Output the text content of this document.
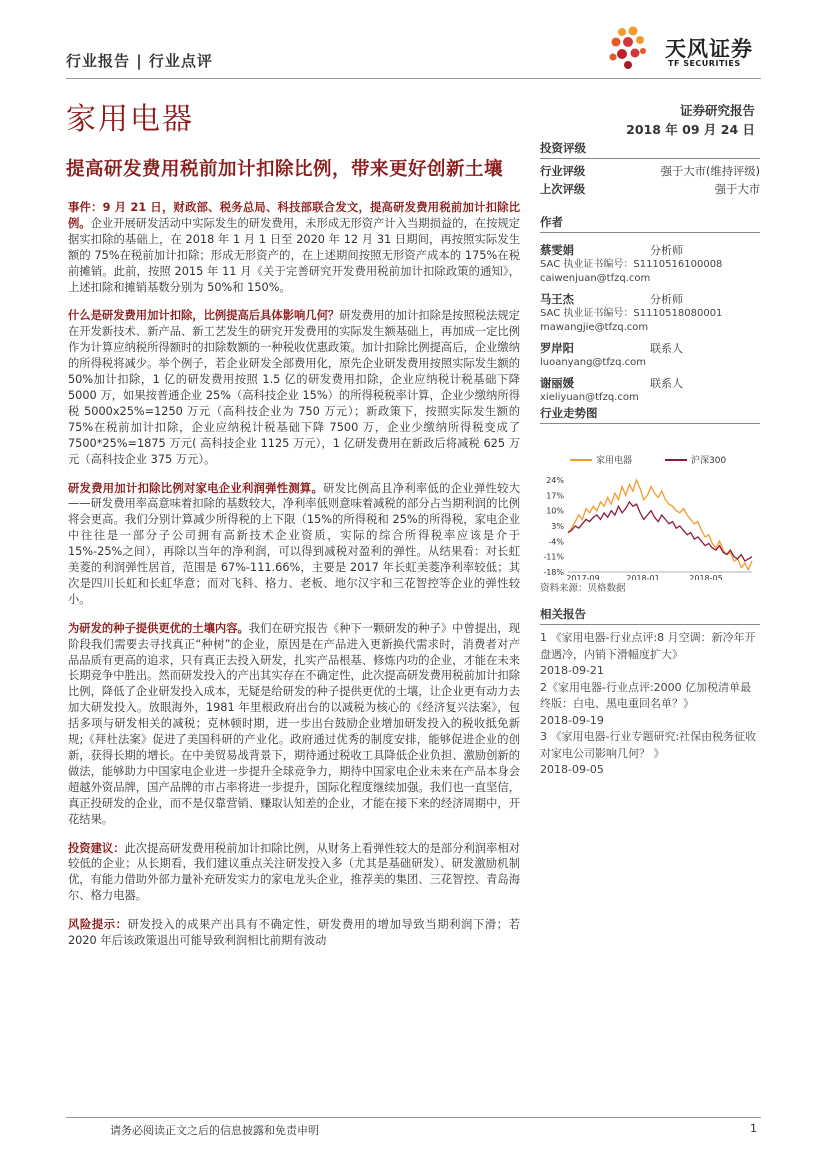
行业报告 | 行业点评	天风证券
TF SECURITIES
家用电器	证券研究报告
2018 年 09 月 24 日
提高研发费用税前加计扣除比例，带来更好创新土壤

事件：9 月 21 日，财政部、税务总局、科技部联合发文，提高研发费用税前加计扣除比例。企业开展研发活动中实际发生的研发费用，未形成无形资产计入当期损益的，在按规定据实扣除的基础上，在 2018 年 1 月 1 日至 2020 年 12 月 31 日期间，再按照实际发生额的 75%在税前加计扣除；形成无形资产的，在上述期间按照无形资产成本的 175%在税前摊销。此前，按照 2015 年 11 月《关于完善研究开发费用税前加计扣除政策的通知》，上述扣除和摊销基数分别为 50%和 150%。

什么是研发费用加计扣除，比例提高后具体影响几何？研发费用的加计扣除是按照税法规定在开发新技术、新产品、新工艺发生的研究开发费用的实际发生额基础上，再加成一定比例作为计算应纳税所得额时的扣除数额的一种税收优惠政策。加计扣除比例提高后，企业缴纳的所得税将减少。举个例子，若企业研发全部费用化，原先企业研发费用按照实际发生额的 50%加计扣除，1 亿的研发费用按照 1.5 亿的研发费用扣除，企业应纳税计税基础下降 5000 万，如果按普通企业 25%（高科技企业 15%）的所得税税率计算，企业少缴纳所得税 5000x25%=1250 万元（高科技企业为 750 万元）；新政策下，按照实际发生额的 75%在税前加计扣除，企业应纳税计税基础下降 7500 万，企业少缴纳所得税变成了 7500*25%=1875 万元( 高科技企业 1125 万元），1 亿研发费用在新政后将减税 625 万元（高科技企业 375 万元）。

研发费用加计扣除比例对家电企业利润弹性测算。研发比例高且净利率低的企业弹性较大——研发费用率高意味着扣除的基数较大，净利率低则意味着减税的部分占当期利润的比例将会更高。我们分别计算减少所得税的上下限（15%的所得税和 25%的所得税，家电企业中往往是一部分子公司拥有高新技术企业资质，实际的综合所得税率应该是介于 15%-25%之间），再除以当年的净利润，可以得到减税对盈利的弹性。从结果看：对长虹美菱的利润弹性居首，范围是 67%-111.66%，主要是 2017 年长虹美菱净利率较低；其次是四川长虹和长虹华意；而对飞科、格力、老板、地尔汉宇和三花智控等企业的弹性较小。

为研发的种子提供更优的土壤内容。我们在研究报告《种下一颗研发的种子》中曾提出，现阶段我们需要去寻找真正“种树”的企业，原因是在产品进入更新换代需求时，消费者对产品品质有更高的追求，只有真正去投入研发，扎实产品根基、修炼内功的企业，才能在未来长期竞争中胜出。然而研发投入的产出其实存在不确定性，此次提高研发费用税前加计扣除比例，降低了企业研发投入成本，无疑是给研发的种子提供更优的土壤，让企业更有动力去加大研发投入。放眼海外，1981 年里根政府出台的以减税为核心的《经济复兴法案》，包括多项与研发相关的减税；克林顿时期，进一步出台鼓励企业增加研发投入的税收抵免新规;《拜杜法案》促进了美国科研的产业化。政府通过优秀的制度安排，能够促进企业的创新，获得长期的增长。在中美贸易战背景下，期待通过税收工具降低企业负担、激励创新的做法，能够助力中国家电企业进一步提升全球竞争力，期待中国家电企业未来在产品本身会超越外资品牌，国产品牌的市占率将进一步提升，国际化程度继续加强。我们也一直坚信，真正投研发的企业，而不是仅靠营销、赚取认知差的企业，才能在接下来的经济周期中，开花结果。

投资建议：此次提高研发费用税前加计扣除比例，从财务上看弹性较大的是部分利润率相对较低的企业；从长期看，我们建议重点关注研发投入多（尤其是基础研发）、研发激励机制优，有能力借助外部力量补充研发实力的家电龙头企业，推荐美的集团、三花智控、青岛海尔、格力电器。

风险提示：研发投入的成果产出具有不确定性，研发费用的增加导致当期利润下滑；若 2020 年后该政策退出可能导致利润相比前期有波动

投资评级
行业评级	强于大市(维持评级)
上次评级	强于大市
作者
蔡雯娟	分析师
SAC 执业证书编号：S1110516100008
caiwenjuan@tfzq.com
马王杰	分析师
SAC 执业证书编号：S1110518080001
mawangjie@tfzq.com
罗岸阳	联系人
luoanyang@tfzq.com
谢丽媛	联系人
xieliyuan@tfzq.com
行业走势图
家用电器	沪深300
24%
17%
10%
3%
-4%
-11%
-18%
2017-09	2018-01	2018-05
资料来源：贝格数据
相关报告
1 《家用电器-行业点评:8 月空调：新冷年开盘遇冷，内销下滑幅度扩大》
2018-09-21
2《家用电器-行业点评:2000 亿加税清单最终版：白电、黑电重回名单？》
2018-09-19
3 《家用电器-行业专题研究:社保由税务征收对家电公司影响几何？ 》
2018-09-05
请务必阅读正文之后的信息披露和免责申明	1
